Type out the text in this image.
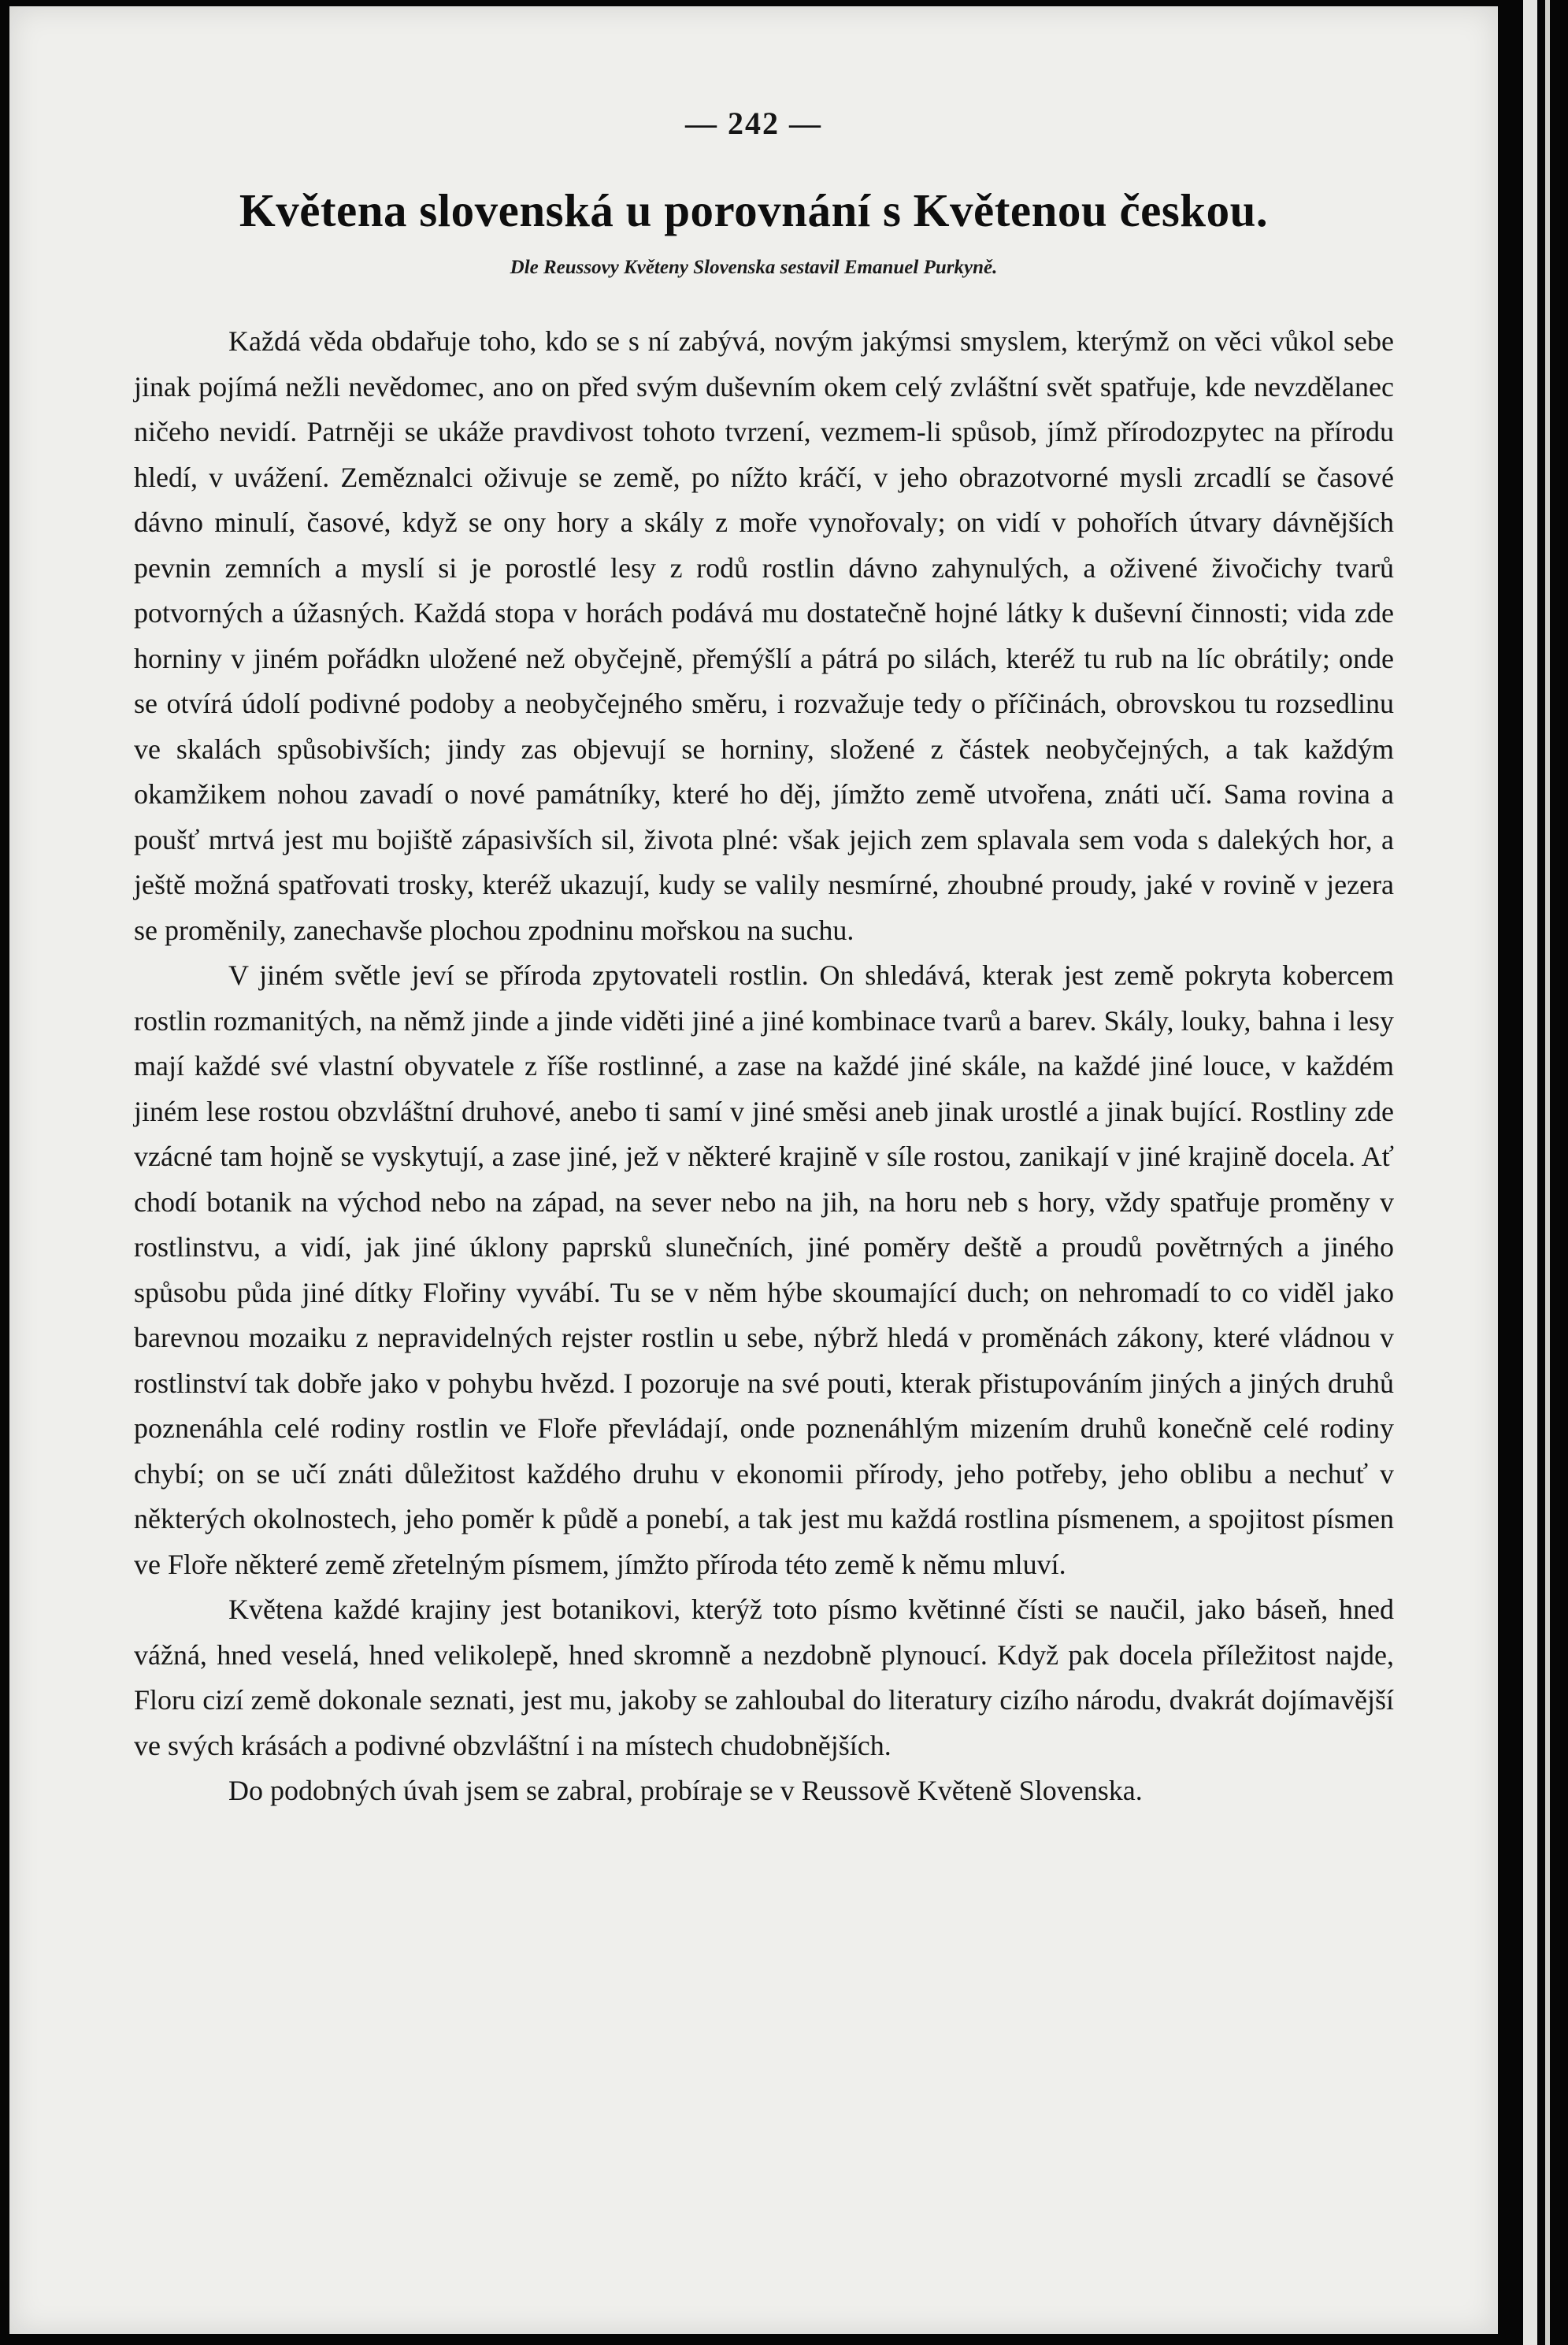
— 242 —
Květena slovenská u porovnání s Květenou českou.
Dle Reussovy Květeny Slovenska sestavil Emanuel Purkyně.

Každá věda obdařuje toho, kdo se s ní zabývá, novým jakýmsi smyslem, kterýmž on věci vůkol sebe jinak pojímá nežli nevědomec, ano on před svým duševním okem celý zvláštní svět spatřuje, kde nevzdělanec ničeho nevidí. Patrněji se ukáže pravdivost tohoto tvrzení, vezmem-li spůsob, jímž přírodozpytec na přírodu hledí, v uvážení. Zeměznalci oživuje se země, po nížto kráčí, v jeho obrazotvorné mysli zrcadlí se časové dávno minulí, časové, když se ony hory a skály z moře vynořovaly; on vidí v pohořích útvary dávnějších pevnin zemních a myslí si je porostlé lesy z rodů rostlin dávno zahynulých, a oživené živočichy tvarů potvorných a úžasných. Každá stopa v horách podává mu dostatečně hojné látky k duševní činnosti; vida zde horniny v jiném pořádkn uložené než obyčejně, přemýšlí a pátrá po silách, kteréž tu rub na líc obrátily; onde se otvírá údolí podivné podoby a neobyčejného směru, i rozvažuje tedy o příčinách, obrovskou tu rozsedlinu ve skalách spůsobivších; jindy zas objevují se horniny, složené z částek neobyčejných, a tak každým okamžikem nohou zavadí o nové památníky, které ho děj, jímžto země utvořena, znáti učí. Sama rovina a poušť mrtvá jest mu bojiště zápasivších sil, života plné: však jejich zem splavala sem voda s dalekých hor, a ještě možná spatřovati trosky, kteréž ukazují, kudy se valily nesmírné, zhoubné proudy, jaké v rovině v jezera se proměnily, zanechavše plochou zpodninu mořskou na suchu.

V jiném světle jeví se příroda zpytovateli rostlin. On shledává, kterak jest země pokryta kobercem rostlin rozmanitých, na němž jinde a jinde viděti jiné a jiné kombinace tvarů a barev. Skály, louky, bahna i lesy mají každé své vlastní obyvatele z říše rostlinné, a zase na každé jiné skále, na každé jiné louce, v každém jiném lese rostou obzvláštní druhové, anebo ti samí v jiné směsi aneb jinak urostlé a jinak bující. Rostliny zde vzácné tam hojně se vyskytují, a zase jiné, jež v některé krajině v síle rostou, zanikají v jiné krajině docela. Ať chodí botanik na východ nebo na západ, na sever nebo na jih, na horu neb s hory, vždy spatřuje proměny v rostlinstvu, a vidí, jak jiné úklony paprsků slunečních, jiné poměry deště a proudů povětrných a jiného spůsobu půda jiné dítky Flořiny vyvábí. Tu se v něm hýbe skoumající duch; on nehromadí to co viděl jako barevnou mozaiku z nepravidelných rejster rostlin u sebe, nýbrž hledá v proměnách zákony, které vládnou v rostlinství tak dobře jako v pohybu hvězd. I pozoruje na své pouti, kterak přistupováním jiných a jiných druhů poznenáhla celé rodiny rostlin ve Floře převládají, onde poznenáhlým mizením druhů konečně celé rodiny chybí; on se učí znáti důležitost každého druhu v ekonomii přírody, jeho potřeby, jeho oblibu a nechuť v některých okolnostech, jeho poměr k půdě a ponebí, a tak jest mu každá rostlina písmenem, a spojitost písmen ve Floře některé země zřetelným písmem, jímžto příroda této země k němu mluví.

Květena každé krajiny jest botanikovi, kterýž toto písmo květinné čísti se naučil, jako báseň, hned vážná, hned veselá, hned velikolepě, hned skromně a nezdobně plynoucí. Když pak docela příležitost najde, Floru cizí země dokonale seznati, jest mu, jakoby se zahloubal do literatury cizího národu, dvakrát dojímavější ve svých krásách a podivné obzvláštní i na místech chudobnějších.

Do podobných úvah jsem se zabral, probíraje se v Reussově Květeně Slovenska.
